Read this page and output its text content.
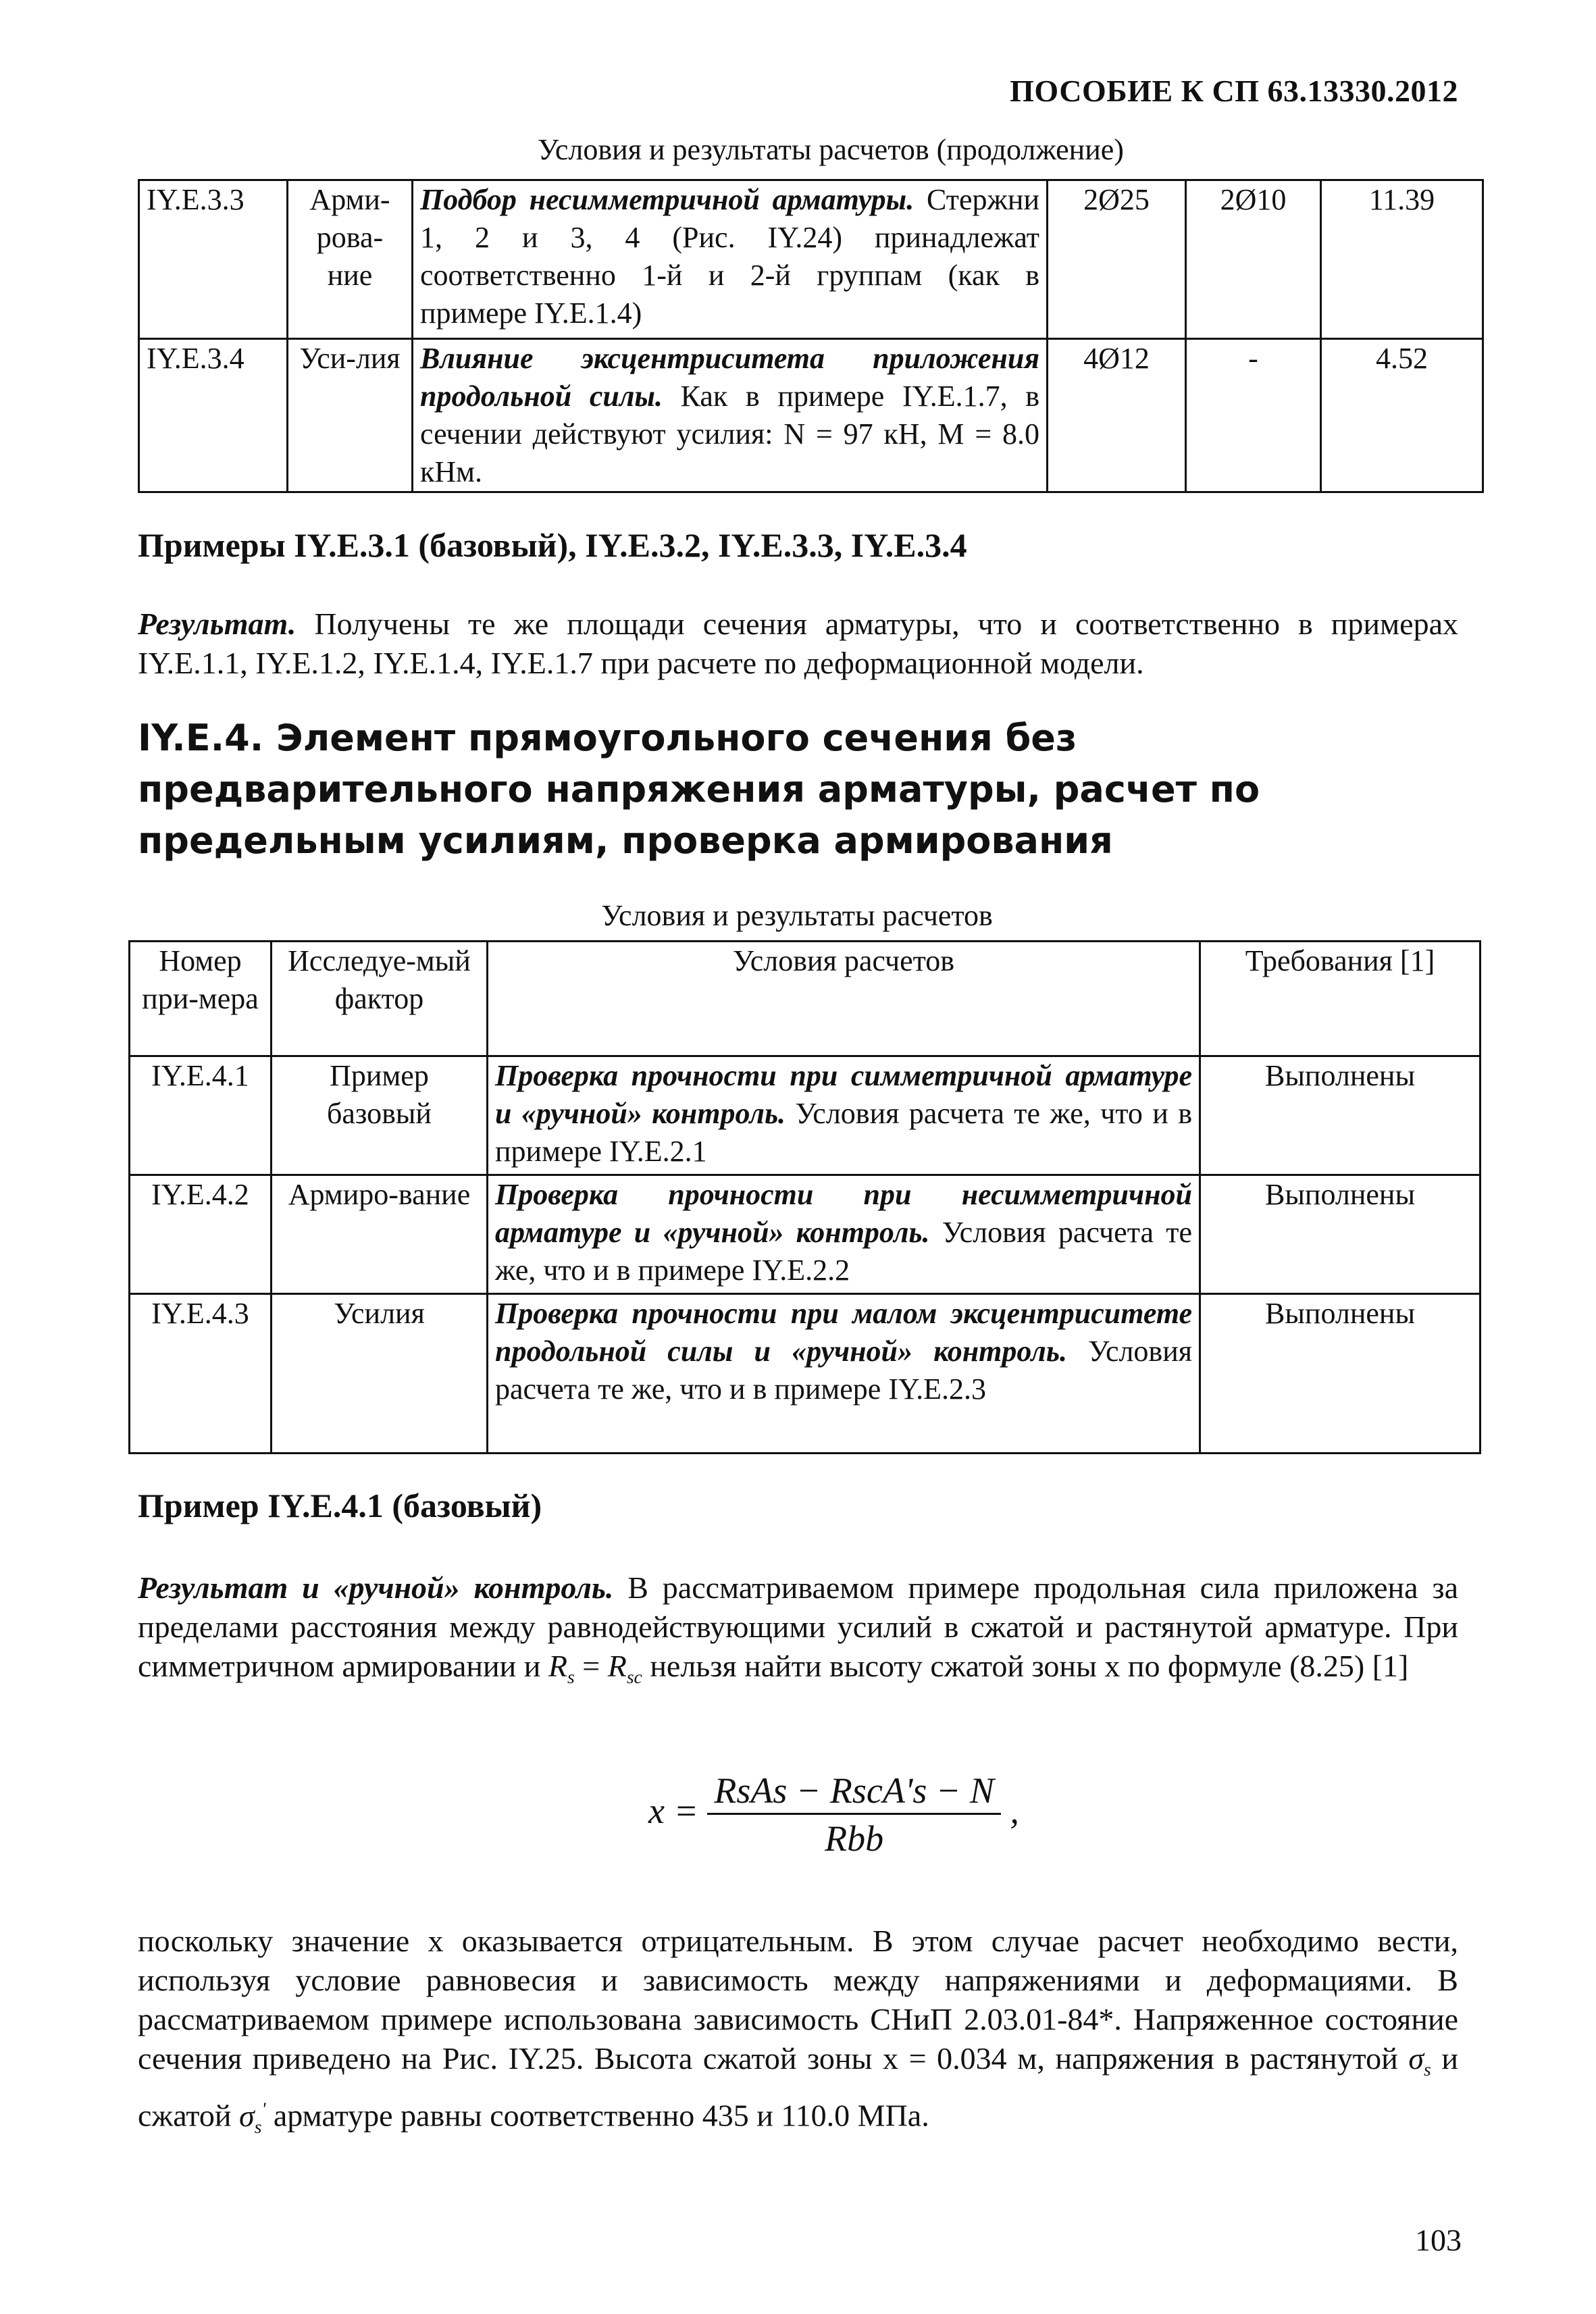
ПОСОБИЕ К СП 63.13330.2012
Условия и результаты расчетов (продолжение)
IY.E.3.3	Арми-рова-ние	Подбор несимметричной арматуры. Стержни 1, 2 и 3, 4 (Рис. IY.24) принадлежат соответственно 1-й и 2-й группам (как в примере IY.E.1.4)	2Ø25	2Ø10	11.39
IY.E.3.4	Уси-лия	Влияние эксцентриситета приложения продольной силы. Как в примере IY.E.1.7, в сечении действуют усилия: N = 97 кН, M = 8.0 кНм.	4Ø12	-	4.52
Примеры IY.E.3.1 (базовый), IY.E.3.2, IY.E.3.3, IY.E.3.4
Результат. Получены те же площади сечения арматуры, что и соответственно в примерах IY.E.1.1, IY.E.1.2, IY.E.1.4, IY.E.1.7 при расчете по деформационной модели.
IY.E.4. Элемент прямоугольного сечения без предварительного напряжения арматуры, расчет по предельным усилиям, проверка армирования
Условия и результаты расчетов
Номер при-мера	Исследуе-мый фактор	Условия расчетов	Требования [1]
IY.E.4.1	Пример базовый	Проверка прочности при симметричной арматуре и «ручной» контроль. Условия расчета те же, что и в примере IY.E.2.1	Выполнены
IY.E.4.2	Армиро-вание	Проверка прочности при несимметричной арматуре и «ручной» контроль. Условия расчета те же, что и в примере IY.E.2.2	Выполнены
IY.E.4.3	Усилия	Проверка прочности при малом эксцентриситете продольной силы и «ручной» контроль. Условия расчета те же, что и в примере IY.E.2.3	Выполнены
Пример IY.E.4.1 (базовый)
Результат и «ручной» контроль. В рассматриваемом примере продольная сила приложена за пределами расстояния между равнодействующими усилий в сжатой и растянутой арматуре. При симметричном армировании и $R_s = R_{sc}$ нельзя найти высоту сжатой зоны x по формуле (8.25) [1]
$x = \frac{\text{RsAs − RscA's − N}}{\text{Rbb}}$ ,
поскольку значение x оказывается отрицательным. В этом случае расчет необходимо вести, используя условие равновесия и зависимость между напряжениями и деформациями. В рассматриваемом примере использована зависимость СНиП 2.03.01-84*. Напряженное состояние сечения приведено на Рис. IY.25. Высота сжатой зоны x = 0.034 м, напряжения в растянутой $\sigma_s$ и сжатой $\sigma_s'$ арматуре равны соответственно 435 и 110.0 МПа.
103
